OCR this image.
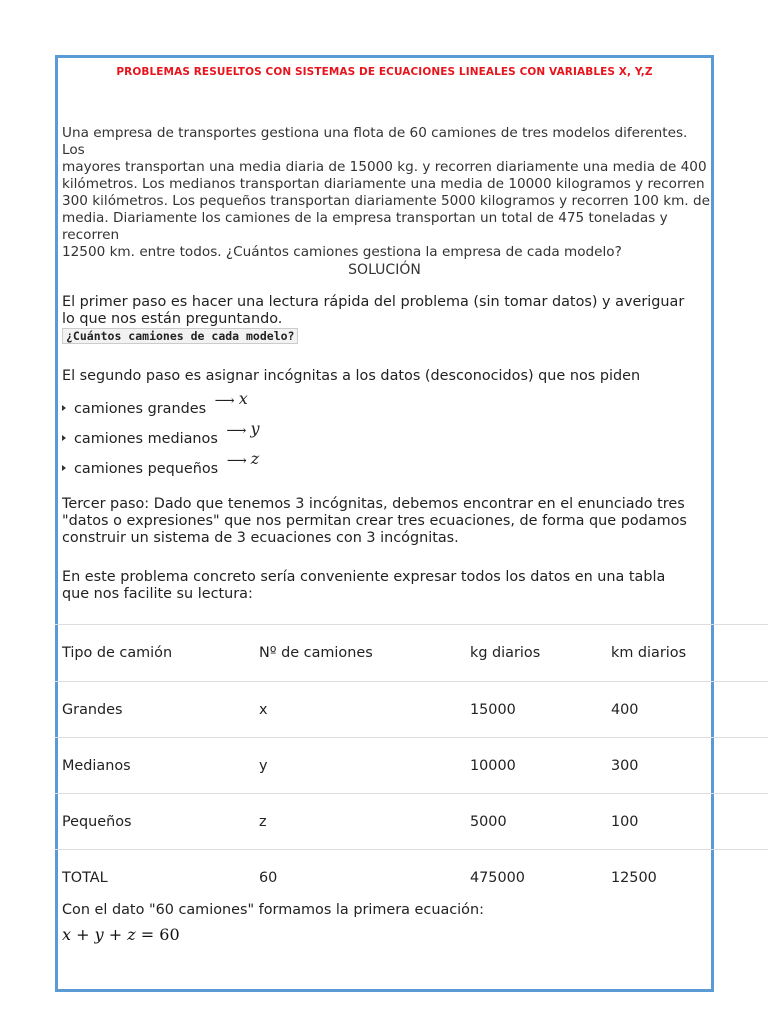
PROBLEMAS RESUELTOS CON SISTEMAS DE ECUACIONES LINEALES CON VARIABLES X, Y,Z
Una empresa de transportes gestiona una flota de 60 camiones de tres modelos diferentes. Los
mayores transportan una media diaria de 15000 kg. y recorren diariamente una media de 400
kilómetros. Los medianos transportan diariamente una media de 10000 kilogramos y recorren
300 kilómetros. Los pequeños transportan diariamente 5000 kilogramos y recorren 100 km. de
media. Diariamente los camiones de la empresa transportan un total de 475 toneladas y recorren
12500 km. entre todos. ¿Cuántos camiones gestiona la empresa de cada modelo?
SOLUCIÓN
El primer paso es hacer una lectura rápida del problema (sin tomar datos) y averiguar
lo que nos están preguntando.
¿Cuántos camiones de cada modelo?
El segundo paso es asignar incógnitas a los datos (desconocidos) que nos piden
camiones grandes ⟶ x
camiones medianos ⟶ y
camiones pequeños ⟶ z
Tercer paso: Dado que tenemos 3 incógnitas, debemos encontrar en el enunciado tres
"datos o expresiones" que nos permitan crear tres ecuaciones, de forma que podamos
construir un sistema de 3 ecuaciones con 3 incógnitas.
En este problema concreto sería conveniente expresar todos los datos en una tabla
que nos facilite su lectura:
Tipo de camión	Nº de camiones	kg diarios	km diarios
Grandes	x	15000	400
Medianos	y	10000	300
Pequeños	z	5000	100
TOTAL	60	475000	12500
Con el dato "60 camiones" formamos la primera ecuación:
x + y + z = 60
